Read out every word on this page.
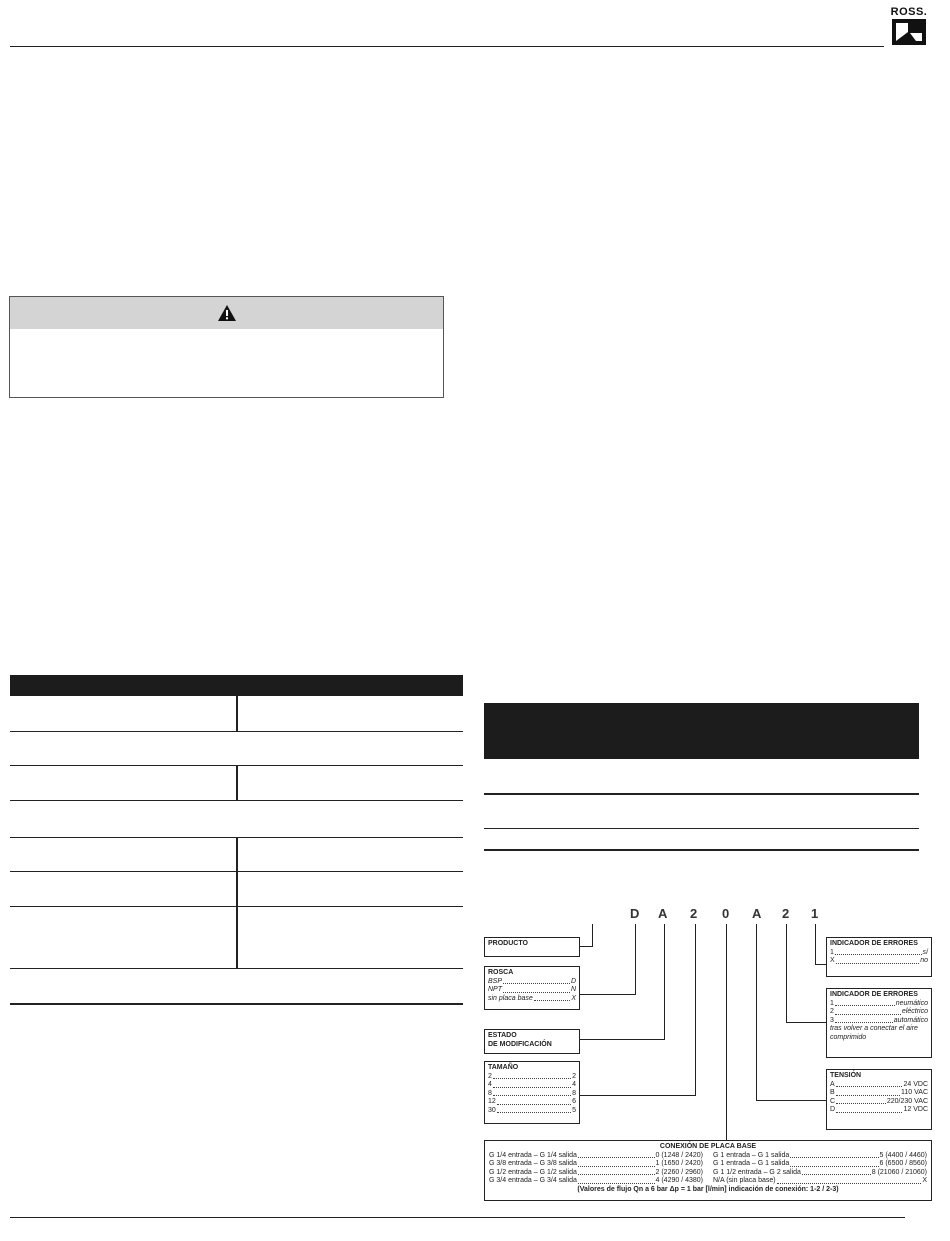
ROSS.
D A 2 0 A 2 1
PRODUCTO
ROSCA
BSP	D
NPT	N
sin placa base	X
ESTADO
DE MODIFICACIÓN
TAMAÑO
2	2
4	4
8	8
12	6
30	5
INDICADOR DE ERRORES
1	sí
X	no
INDICADOR DE ERRORES
1	neumático
2	eléctrico
3	automático
tras volver a conectar el aire
comprimido
TENSIÓN
A	24 VDC
B	110 VAC
C	220/230 VAC
D	12 VDC
CONEXIÓN DE PLACA BASE
G 1/4 entrada – G 1/4 salida	0 (1248 / 2420)
G 3/8 entrada – G 3/8 salida	1 (1650 / 2420)
G 1/2 entrada – G 1/2 salida	2 (2260 / 2960)
G 3/4 entrada – G 3/4 salida	4 (4290 / 4380)
G 1 entrada – G 1 salida	5 (4400 / 4460)
G 1 entrada – G 1 salida	6 (6500 / 8560)
G 1 1/2 entrada – G 2 salida	8 (21060 / 21060)
N/A (sin placa base)	X
(Valores de flujo Qn a 6 bar Δp = 1 bar [l/min] indicación de conexión: 1-2 / 2-3)
